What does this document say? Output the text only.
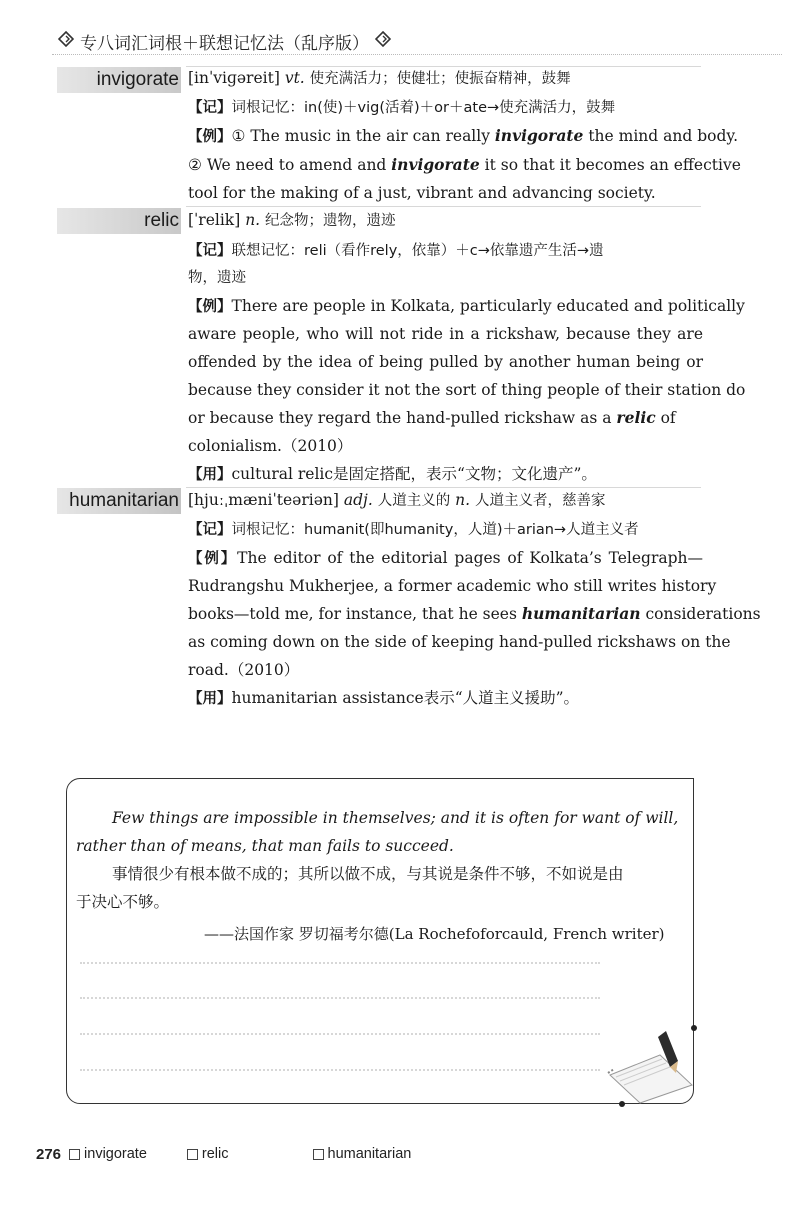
专八词汇词根＋联想记忆法（乱序版）
invigorate [inˈviɡəreit] vt. 使充满活力；使健壮；使振奋精神，鼓舞
【记】词根记忆：in(使)＋vig(活着)＋or＋ate→使充满活力，鼓舞
【例】① The music in the air can really invigorate the mind and body.
② We need to amend and invigorate it so that it becomes an effective
tool for the making of a just, vibrant and advancing society.
relic [ˈrelik] n. 纪念物；遗物，遗迹
【记】联想记忆：reli（看作rely，依靠）＋c→依靠遗产生活→遗
物，遗迹
【例】There are people in Kolkata, particularly educated and politically
aware people, who will not ride in a rickshaw, because they are
offended by the idea of being pulled by another human being or
because they consider it not the sort of thing people of their station do
or because they regard the hand-pulled rickshaw as a relic of
colonialism.（2010）
【用】cultural relic是固定搭配，表示“文物；文化遗产”。
humanitarian [hjuːˌmæniˈteəriən] adj. 人道主义的 n. 人道主义者，慈善家
【记】词根记忆：humanit(即humanity，人道)＋arian→人道主义者
【例】The editor of the editorial pages of Kolkata’s Telegraph—
Rudrangshu Mukherjee, a former academic who still writes history
books—told me, for instance, that he sees humanitarian considerations
as coming down on the side of keeping hand-pulled rickshaws on the
road.（2010）
【用】humanitarian assistance表示“人道主义援助”。
Few things are impossible in themselves; and it is often for want of will,
rather than of means, that man fails to succeed.
事情很少有根本做不成的；其所以做不成，与其说是条件不够，不如说是由
于决心不够。
——法国作家 罗切福考尔德(La Rochefoforcauld, French writer)
276 invigorate	relic	humanitarian
